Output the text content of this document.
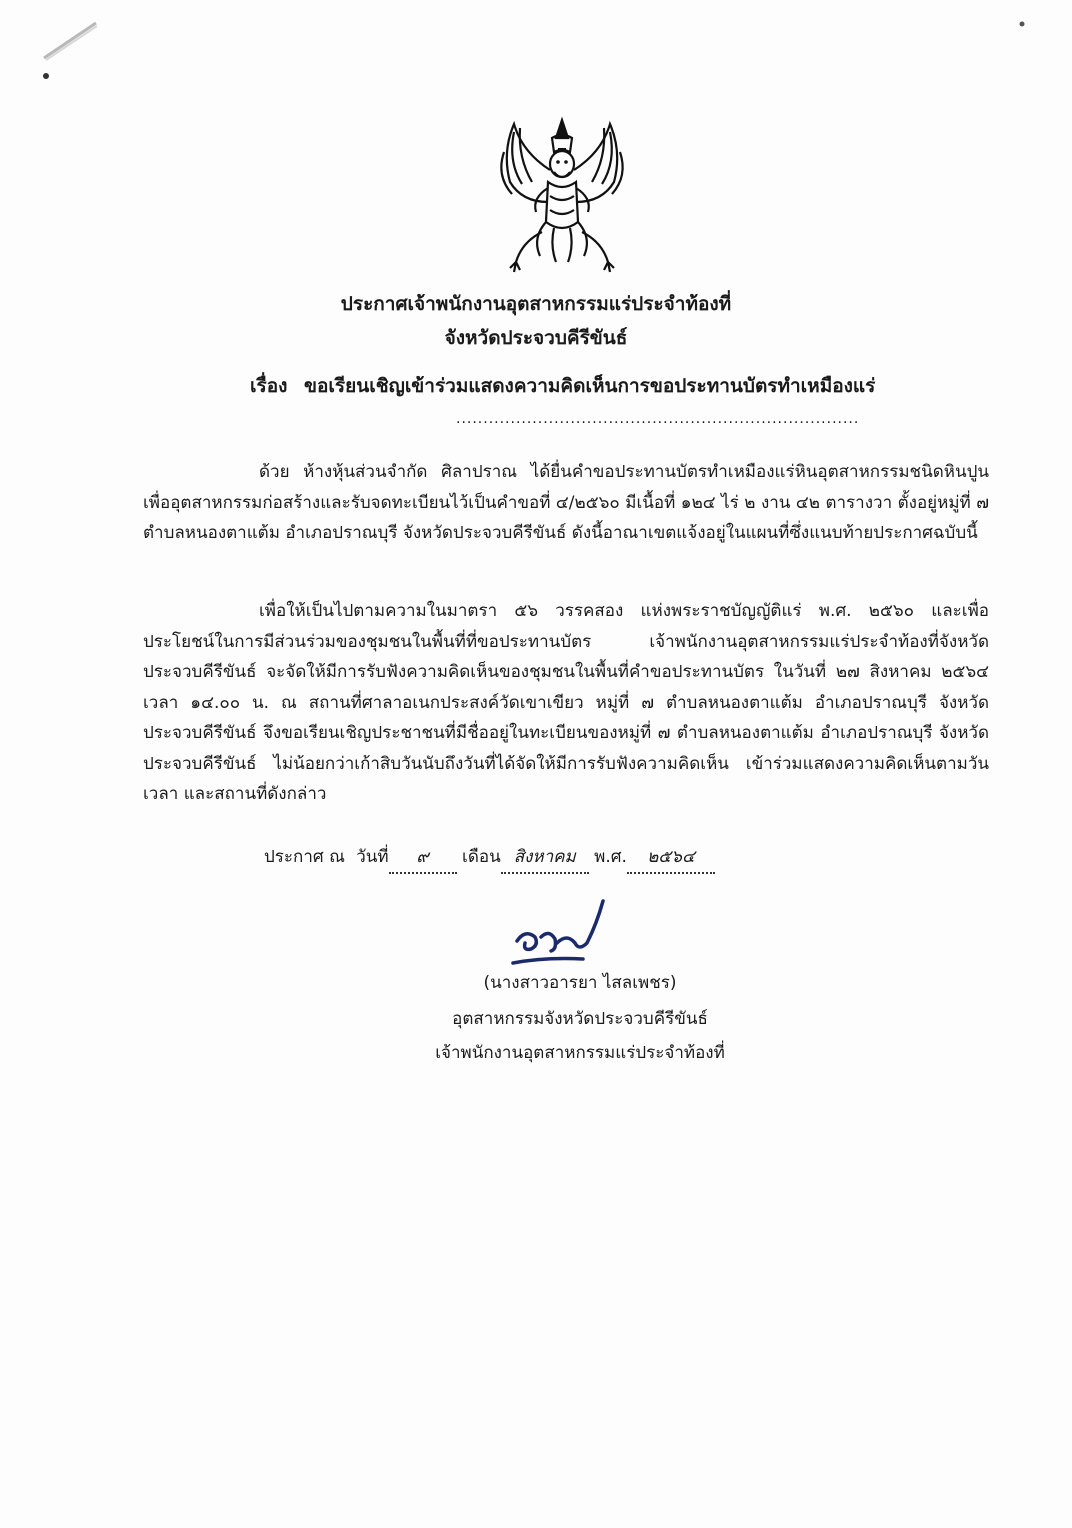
ประกาศเจ้าพนักงานอุตสาหกรรมแร่ประจำท้องที่
จังหวัดประจวบคีรีขันธ์
เรื่อง ขอเรียนเชิญเข้าร่วมแสดงความคิดเห็นการขอประทานบัตรทำเหมืองแร่
..........................................................................
ด้วย ห้างหุ้นส่วนจำกัด ศิลาปราณ ได้ยื่นคำขอประทานบัตรทำเหมืองแร่หินอุตสาหกรรมชนิดหินปูนเพื่ออุตสาหกรรมก่อสร้างและรับจดทะเบียนไว้เป็นคำขอที่ ๔/๒๕๖๐ มีเนื้อที่ ๑๒๔ ไร่ ๒ งาน ๔๒ ตารางวา ตั้งอยู่หมู่ที่ ๗ ตำบลหนองตาแต้ม อำเภอปราณบุรี จังหวัดประจวบคีรีขันธ์ ดังนี้อาณาเขตแจ้งอยู่ในแผนที่ซึ่งแนบท้ายประกาศฉบับนี้
เพื่อให้เป็นไปตามความในมาตรา ๕๖ วรรคสอง แห่งพระราชบัญญัติแร่ พ.ศ. ๒๕๖๐ และเพื่อประโยชน์ในการมีส่วนร่วมของชุมชนในพื้นที่ที่ขอประทานบัตร เจ้าพนักงานอุตสาหกรรมแร่ประจำท้องที่จังหวัดประจวบคีรีขันธ์ จะจัดให้มีการรับฟังความคิดเห็นของชุมชนในพื้นที่คำขอประทานบัตร ในวันที่ ๒๗ สิงหาคม ๒๕๖๔ เวลา ๑๔.๐๐ น. ณ สถานที่ศาลาอเนกประสงค์วัดเขาเขียว หมู่ที่ ๗ ตำบลหนองตาแต้ม อำเภอปราณบุรี จังหวัดประจวบคีรีขันธ์ จึงขอเรียนเชิญประชาชนที่มีชื่ออยู่ในทะเบียนของหมู่ที่ ๗ ตำบลหนองตาแต้ม อำเภอปราณบุรี จังหวัดประจวบคีรีขันธ์ ไม่น้อยกว่าเก้าสิบวันนับถึงวันที่ได้จัดให้มีการรับฟังความคิดเห็น เข้าร่วมแสดงความคิดเห็นตามวัน เวลา และสถานที่ดังกล่าว
ประกาศ ณ วันที่ ๙ เดือน สิงหาคม พ.ศ. ๒๕๖๔
(นางสาวอารยา ไสลเพชร)
อุตสาหกรรมจังหวัดประจวบคีรีขันธ์
เจ้าพนักงานอุตสาหกรรมแร่ประจำท้องที่
